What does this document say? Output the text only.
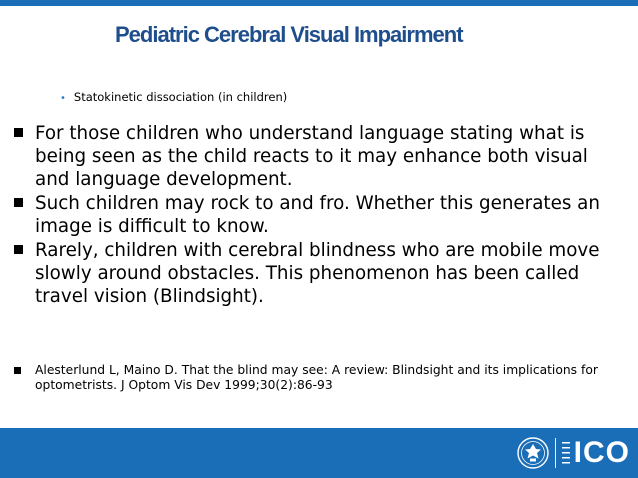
Pediatric Cerebral Visual Impairment
• Statokinetic dissociation (in children)
For those children who understand language stating what is being seen as the child reacts to it may enhance both visual and language development.
Such children may rock to and fro. Whether this generates an image is difficult to know.
Rarely, children with cerebral blindness who are mobile move slowly around obstacles. This phenomenon has been called travel vision (Blindsight).
Alesterlund L, Maino D. That the blind may see: A review: Blindsight and its implications for optometrists. J Optom Vis Dev 1999;30(2):86-93
ICO
